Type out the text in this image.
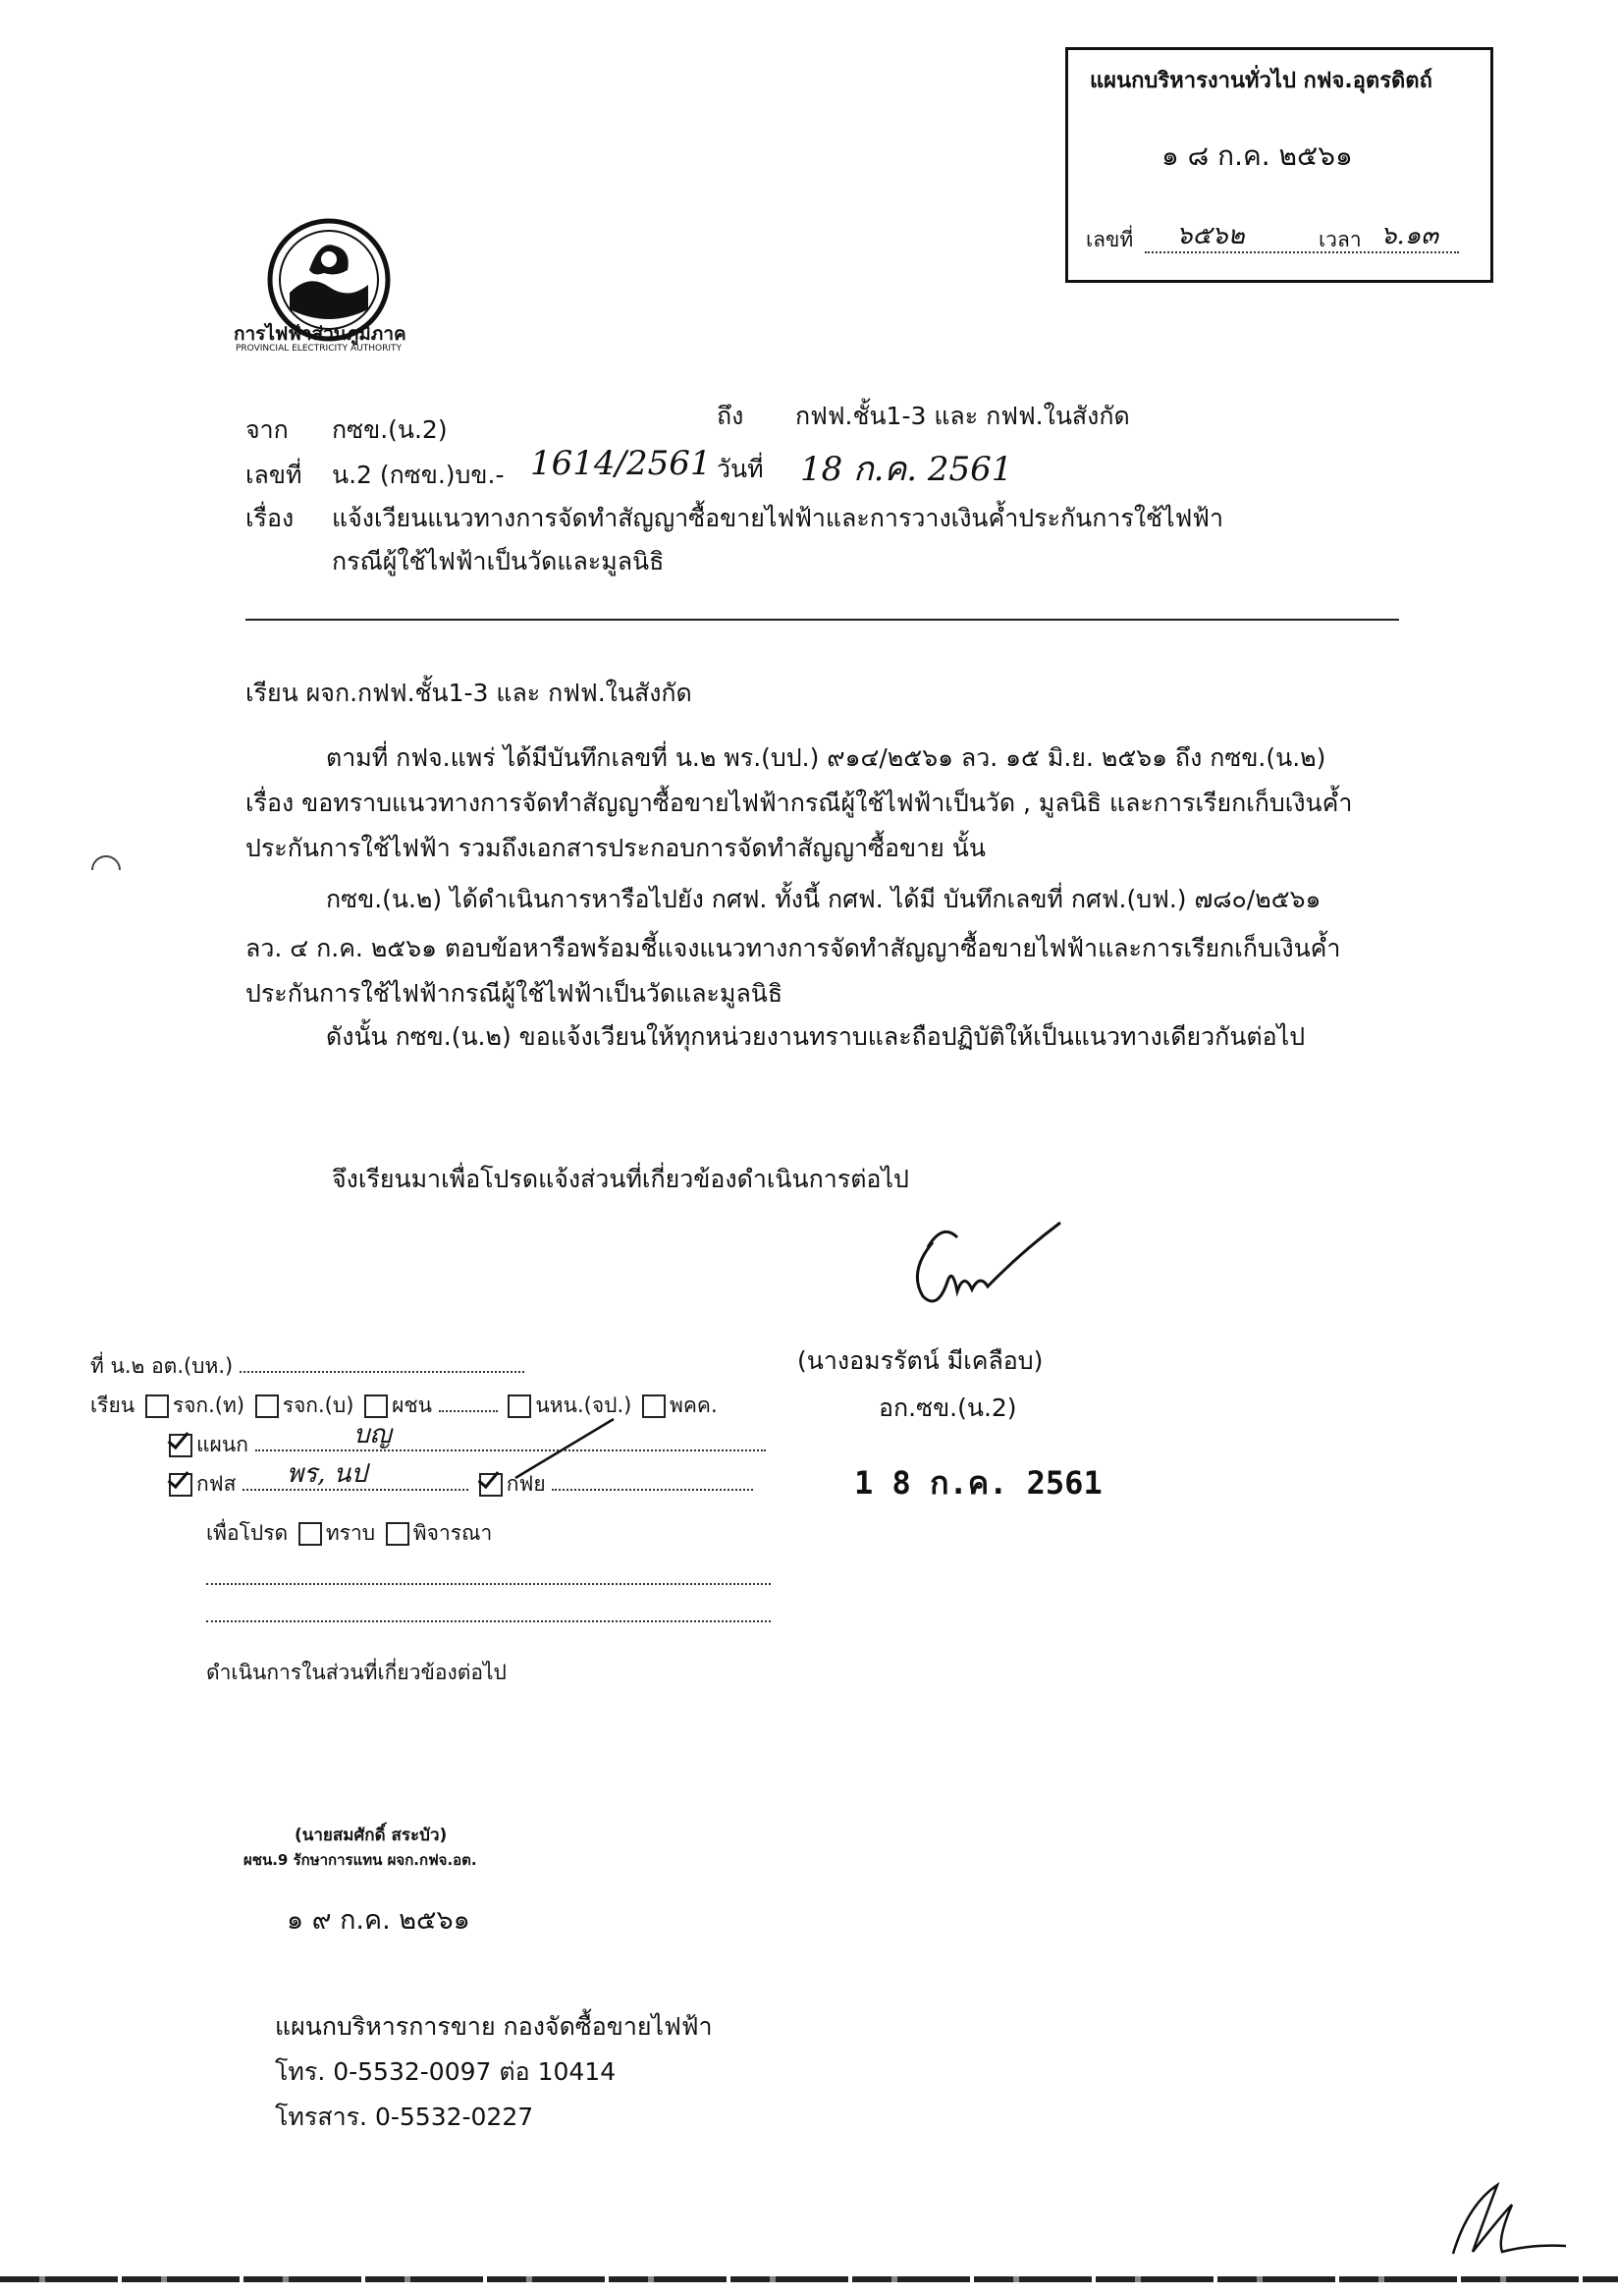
แผนกบริหารงานทั่วไป กฟจ.อุตรดิตถ์
๑ ๘ ก.ค. ๒๕๖๑
เลขที่ ๖๕๖๒	เวลา ๖.๑๓
การไฟฟ้าส่วนภูมิภาค
PROVINCIAL ELECTRICITY AUTHORITY
จาก กซข.(น.2)	ถึง กฟฟ.ชั้น1-3 และ กฟฟ.ในสังกัด
เลขที่ น.2 (กซข.)บข.- 1614/2561 วันที่ 18 ก.ค. 2561
เรื่อง แจ้งเวียนแนวทางการจัดทำสัญญาซื้อขายไฟฟ้าและการวางเงินค้ำประกันการใช้ไฟฟ้า
กรณีผู้ใช้ไฟฟ้าเป็นวัดและมูลนิธิ
เรียน ผจก.กฟฟ.ชั้น1-3 และ กฟฟ.ในสังกัด
ตามที่ กฟจ.แพร่ ได้มีบันทึกเลขที่ น.๒ พร.(บป.) ๙๑๔/๒๕๖๑ ลว. ๑๕ มิ.ย. ๒๕๖๑ ถึง กซข.(น.๒)
เรื่อง ขอทราบแนวทางการจัดทำสัญญาซื้อขายไฟฟ้ากรณีผู้ใช้ไฟฟ้าเป็นวัด , มูลนิธิ และการเรียกเก็บเงินค้ำ
ประกันการใช้ไฟฟ้า รวมถึงเอกสารประกอบการจัดทำสัญญาซื้อขาย นั้น
กซข.(น.๒) ได้ดำเนินการหารือไปยัง กศฟ. ทั้งนี้ กศฟ. ได้มี บันทึกเลขที่ กศฟ.(บฟ.) ๗๘๐/๒๕๖๑
ลว. ๔ ก.ค. ๒๕๖๑ ตอบข้อหารือพร้อมชี้แจงแนวทางการจัดทำสัญญาซื้อขายไฟฟ้าและการเรียกเก็บเงินค้ำ
ประกันการใช้ไฟฟ้ากรณีผู้ใช้ไฟฟ้าเป็นวัดและมูลนิธิ
ดังนั้น กซข.(น.๒) ขอแจ้งเวียนให้ทุกหน่วยงานทราบและถือปฏิบัติให้เป็นแนวทางเดียวกันต่อไป
จึงเรียนมาเพื่อโปรดแจ้งส่วนที่เกี่ยวข้องดำเนินการต่อไป
(นางอมรรัตน์ มีเคลือบ)
อก.ซข.(น.2)
1 8 ก.ค. 2561
ที่ น.๒ อต.(บห.)
เรียน รจก.(ท) รจก.(บ) ผชน	นหน.(จป.) พคค.
แผนก	บญ
กฟส	กฟย
พร, นป
เพื่อโปรด ทราบ พิจารณา
ดำเนินการในส่วนที่เกี่ยวข้องต่อไป
(นายสมศักดิ์ สระบัว)
ผชน.9 รักษาการแทน ผจก.กฟจ.อต.
๑ ๙ ก.ค. ๒๕๖๑
แผนกบริหารการขาย กองจัดซื้อขายไฟฟ้า
โทร. 0-5532-0097 ต่อ 10414
โทรสาร. 0-5532-0227
